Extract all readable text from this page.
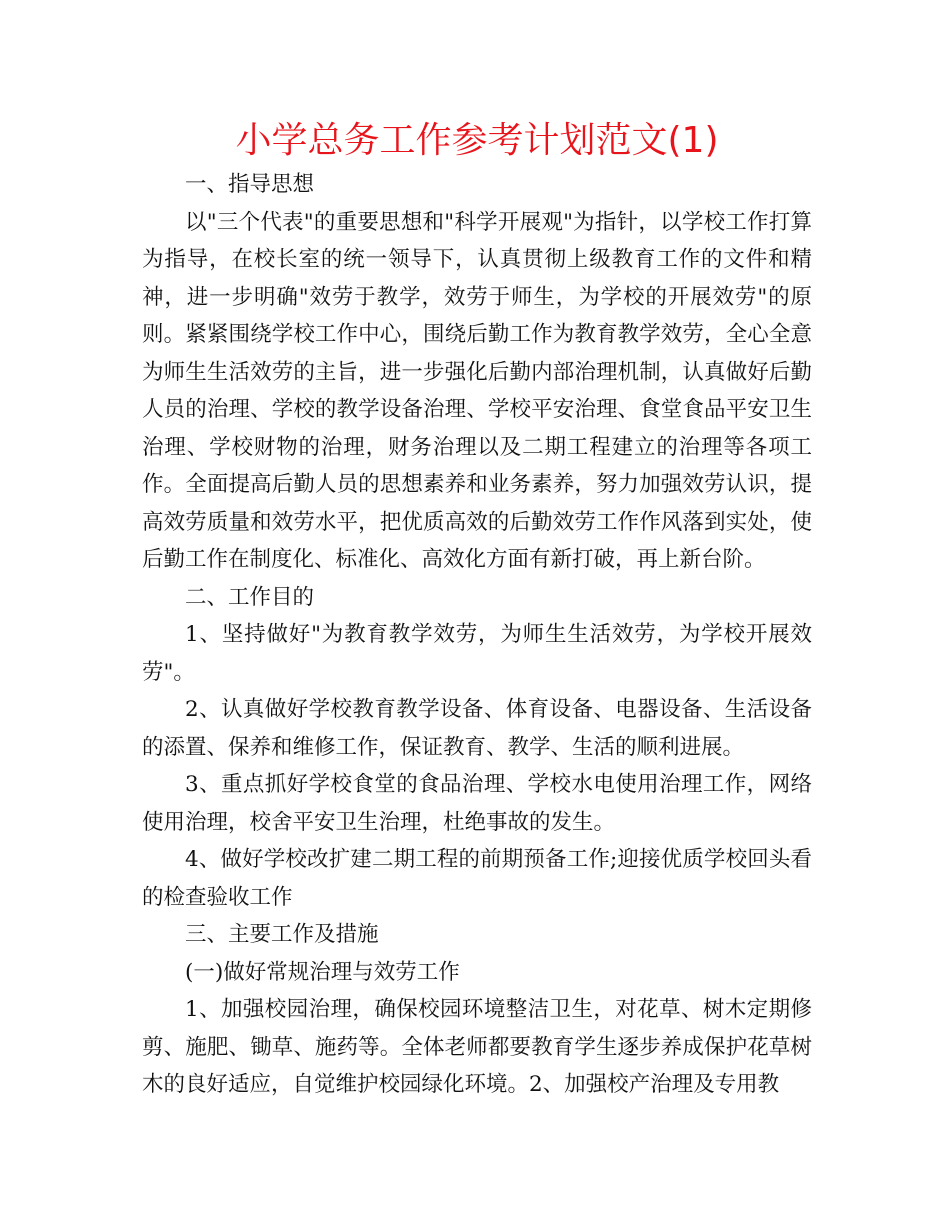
小学总务工作参考计划范文(1)

一、指导思想

以"三个代表"的重要思想和"科学开展观"为指针，以学校工作打算为指导，在校长室的统一领导下，认真贯彻上级教育工作的文件和精神，进一步明确"效劳于教学，效劳于师生，为学校的开展效劳"的原则。紧紧围绕学校工作中心，围绕后勤工作为教育教学效劳，全心全意为师生生活效劳的主旨，进一步强化后勤内部治理机制，认真做好后勤人员的治理、学校的教学设备治理、学校平安治理、食堂食品平安卫生治理、学校财物的治理，财务治理以及二期工程建立的治理等各项工作。全面提高后勤人员的思想素养和业务素养，努力加强效劳认识，提高效劳质量和效劳水平，把优质高效的后勤效劳工作作风落到实处，使后勤工作在制度化、标准化、高效化方面有新打破，再上新台阶。

二、工作目的

1、坚持做好"为教育教学效劳，为师生生活效劳，为学校开展效劳"。

2、认真做好学校教育教学设备、体育设备、电器设备、生活设备的添置、保养和维修工作，保证教育、教学、生活的顺利进展。

3、重点抓好学校食堂的食品治理、学校水电使用治理工作，网络使用治理，校舍平安卫生治理，杜绝事故的发生。

4、做好学校改扩建二期工程的前期预备工作;迎接优质学校回头看的检查验收工作

三、主要工作及措施

(一)做好常规治理与效劳工作

1、加强校园治理，确保校园环境整洁卫生，对花草、树木定期修剪、施肥、锄草、施药等。全体老师都要教育学生逐步养成保护花草树木的良好适应，自觉维护校园绿化环境。2、加强校产治理及专用教
